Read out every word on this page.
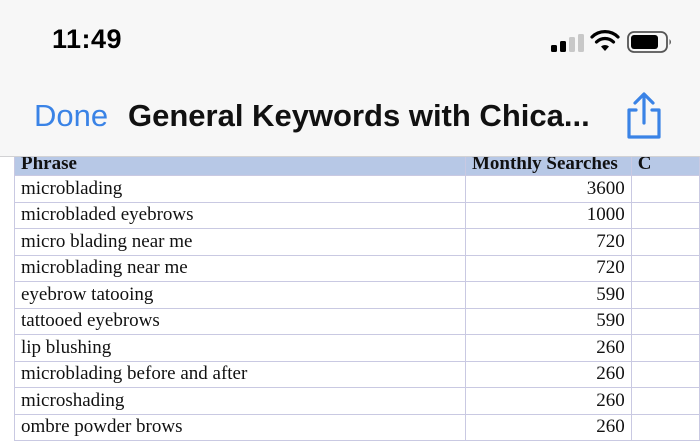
11:49
Done General Keywords with Chica...
Phrase	Monthly Searches	C
microblading	3600	
microbladed eyebrows	1000	
micro blading near me	720	
microblading near me	720	
eyebrow tatooing	590	
tattooed eyebrows	590	
lip blushing	260	
microblading before and after	260	
microshading	260	
ombre powder brows	260	
